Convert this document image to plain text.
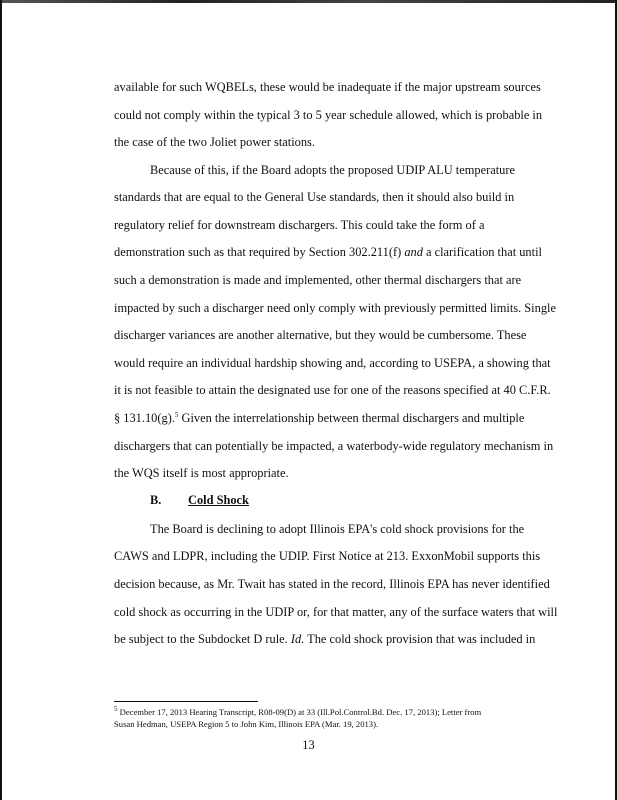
available for such WQBELs, these would be inadequate if the major upstream sources
could not comply within the typical 3 to 5 year schedule allowed, which is probable in
the case of the two Joliet power stations.
Because of this, if the Board adopts the proposed UDIP ALU temperature
standards that are equal to the General Use standards, then it should also build in
regulatory relief for downstream dischargers. This could take the form of a
demonstration such as that required by Section 302.211(f) and a clarification that until
such a demonstration is made and implemented, other thermal dischargers that are
impacted by such a discharger need only comply with previously permitted limits. Single
discharger variances are another alternative, but they would be cumbersome. These
would require an individual hardship showing and, according to USEPA, a showing that
it is not feasible to attain the designated use for one of the reasons specified at 40 C.F.R.
§ 131.10(g).$^5$ Given the interrelationship between thermal dischargers and multiple
dischargers that can potentially be impacted, a waterbody-wide regulatory mechanism in
the WQS itself is most appropriate.
B. Cold Shock
The Board is declining to adopt Illinois EPA's cold shock provisions for the
CAWS and LDPR, including the UDIP. First Notice at 213. ExxonMobil supports this
decision because, as Mr. Twait has stated in the record, Illinois EPA has never identified
cold shock as occurring in the UDIP or, for that matter, any of the surface waters that will
be subject to the Subdocket D rule. Id. The cold shock provision that was included in
$^5$ December 17, 2013 Hearing Transcript, R08-09(D) at 33 (Ill.Pol.Control.Bd. Dec. 17, 2013); Letter from
Susan Hedman, USEPA Region 5 to John Kim, Illinois EPA (Mar. 19, 2013).
13
